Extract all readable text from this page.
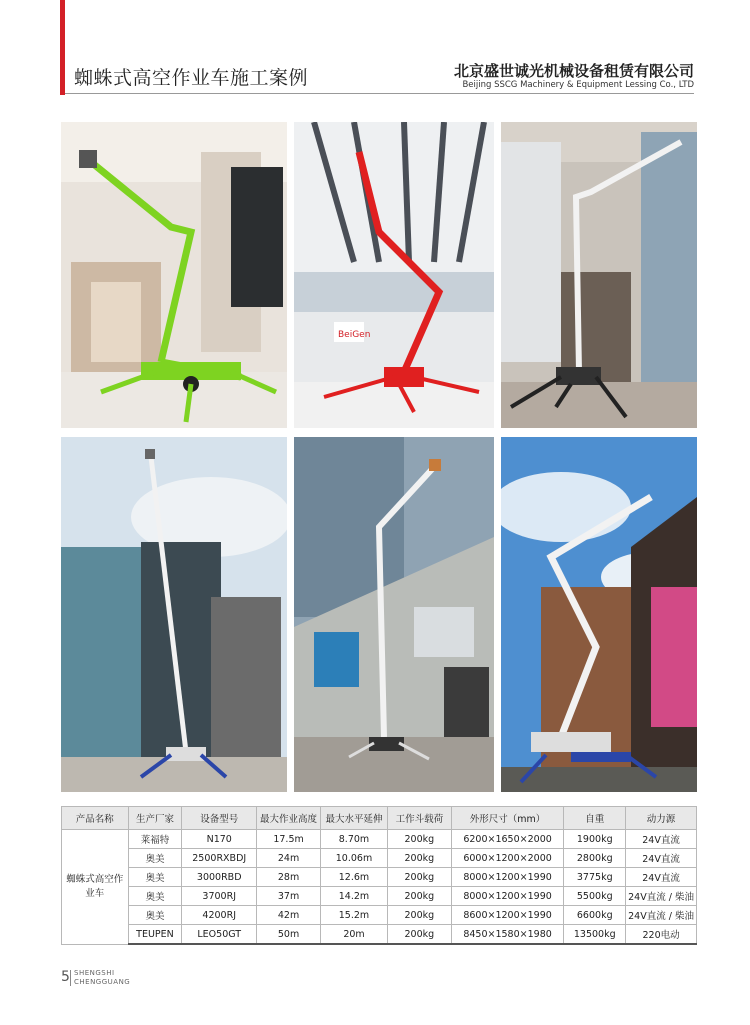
蜘蛛式高空作业车施工案例	北京盛世诚光机械设备租赁有限公司
Beijing SSCG Machinery & Equipment Lessing Co., LTD
BeiGen
产品名称	生产厂家	设备型号	最大作业高度	最大水平延伸	工作斗载荷	外形尺寸（mm）	自重	动力源
蜘蛛式高空作业车	莱福特	N170	17.5m	8.70m	200kg	6200×1650×2000	1900kg	24V直流
	奥美	2500RXBDJ	24m	10.06m	200kg	6000×1200×2000	2800kg	24V直流
	奥美	3000RBD	28m	12.6m	200kg	8000×1200×1990	3775kg	24V直流
	奥美	3700RJ	37m	14.2m	200kg	8000×1200×1990	5500kg	24V直流 / 柴油
	奥美	4200RJ	42m	15.2m	200kg	8600×1200×1990	6600kg	24V直流 / 柴油
	TEUPEN	LEO50GT	50m	20m	200kg	8450×1580×1980	13500kg	220电动
5 SHENGSHI
CHENGGUANG
